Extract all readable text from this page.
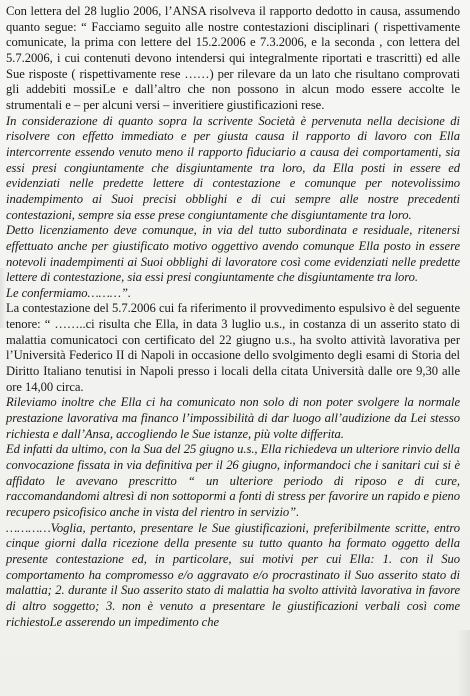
Con lettera del 28 luglio 2006, l’ANSA risolveva il rapporto dedotto in causa, assumendo quanto segue: “ Facciamo seguito alle nostre contestazioni disciplinari ( rispettivamente comunicate, la prima con lettere del 15.2.2006 e 7.3.2006, e la seconda , con lettera del 5.7.2006, i cui contenuti devono intendersi qui integralmente riportati e trascritti) ed alle Sue risposte ( rispettivamente rese ……) per rilevare da un lato che risultano comprovati gli addebiti mossiLe e dall’altro che non possono in alcun modo essere accolte le strumentali e – per alcuni versi – inveritiere giustificazioni rese.

In considerazione di quanto sopra la scrivente Società è pervenuta nella decisione di risolvere con effetto immediato e per giusta causa il rapporto di lavoro con Ella intercorrente essendo venuto meno il rapporto fiduciario a causa dei comportamenti, sia essi presi congiuntamente che disgiuntamente tra loro, da Ella posti in essere ed evidenziati nelle predette lettere di contestazione e comunque per notevolissimo inadempimento ai Suoi precisi obblighi e di cui sempre alle nostre precedenti contestazioni, sempre sia esse prese congiuntamente che disgiuntamente tra loro.

Detto licenziamento deve comunque, in via del tutto subordinata e residuale, ritenersi effettuato anche per giustificato motivo oggettivo avendo comunque Ella posto in essere notevoli inadempimenti ai Suoi obblighi di lavoratore così come evidenziati nelle predette lettere di contestazione, sia essi presi congiuntamente che disgiuntamente tra loro.

Le confermiamo………”.

La contestazione del 5.7.2006 cui fa riferimento il provvedimento espulsivo è del seguente tenore: “ ……..ci risulta che Ella, in data 3 luglio u.s., in costanza di un asserito stato di malattia comunicatoci con certificato del 22 giugno u.s., ha svolto attività lavorativa per l’Università Federico II di Napoli in occasione dello svolgimento degli esami di Storia del Diritto Italiano tenutisi in Napoli presso i locali della citata Università dalle ore 9,30 alle ore 14,00 circa.

Rileviamo inoltre che Ella ci ha comunicato non solo di non poter svolgere la normale prestazione lavorativa ma financo l’impossibilità di dar luogo all’audizione da Lei stesso richiesta e dall’Ansa, accogliendo le Sue istanze, più volte differita.

Ed infatti da ultimo, con la Sua del 25 giugno u.s., Ella richiedeva un ulteriore rinvio della convocazione fissata in via definitiva per il 26 giugno, informandoci che i sanitari cui si è affidato le avevano prescritto “ un ulteriore periodo di riposo e di cure, raccomandandomi altresì di non sottopormi a fonti di stress per favorire un rapido e pieno recupero psicofisico anche in vista del rientro in servizio”.

…………Voglia, pertanto, presentare le Sue giustificazioni, preferibilmente scritte, entro cinque giorni dalla ricezione della presente su tutto quanto ha formato oggetto della presente contestazione ed, in particolare, sui motivi per cui Ella: 1. con il Suo comportamento ha compromesso e/o aggravato e/o procrastinato il Suo asserito stato di malattia; 2. durante il Suo asserito stato di malattia ha svolto attività lavorativa in favore di altro soggetto; 3. non è venuto a presentare le giustificazioni verbali così come richiestoLe asserendo un impedimento che
